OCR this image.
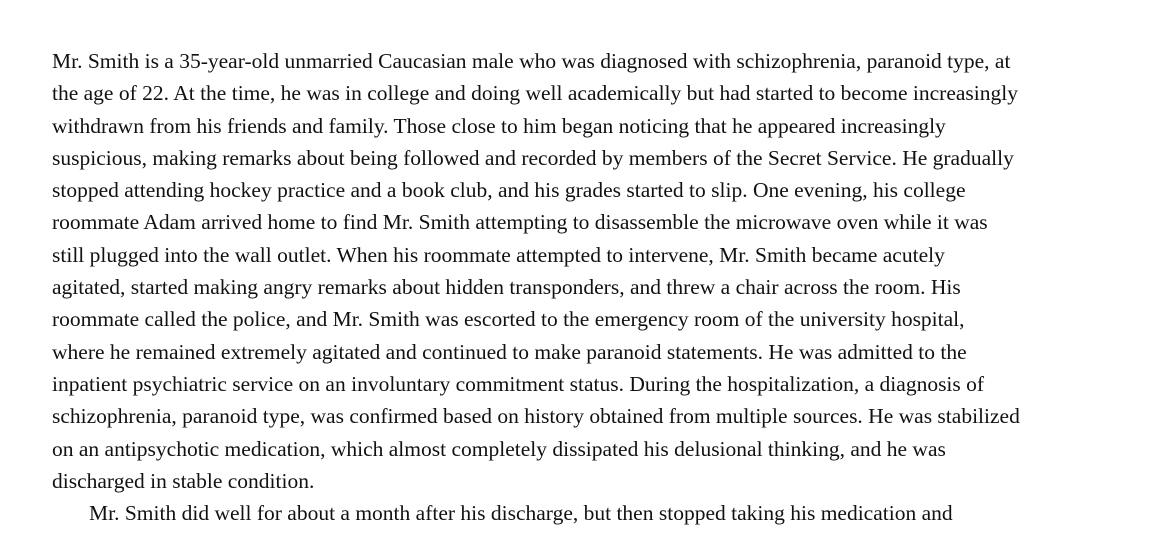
Mr. Smith is a 35-year-old unmarried Caucasian male who was diagnosed with schizophrenia, paranoid type, at
the age of 22. At the time, he was in college and doing well academically but had started to become increasingly
withdrawn from his friends and family. Those close to him began noticing that he appeared increasingly
suspicious, making remarks about being followed and recorded by members of the Secret Service. He gradually
stopped attending hockey practice and a book club, and his grades started to slip. One evening, his college
roommate Adam arrived home to find Mr. Smith attempting to disassemble the microwave oven while it was
still plugged into the wall outlet. When his roommate attempted to intervene, Mr. Smith became acutely
agitated, started making angry remarks about hidden transponders, and threw a chair across the room. His
roommate called the police, and Mr. Smith was escorted to the emergency room of the university hospital,
where he remained extremely agitated and continued to make paranoid statements. He was admitted to the
inpatient psychiatric service on an involuntary commitment status. During the hospitalization, a diagnosis of
schizophrenia, paranoid type, was confirmed based on history obtained from multiple sources. He was stabilized
on an antipsychotic medication, which almost completely dissipated his delusional thinking, and he was
discharged in stable condition.
Mr. Smith did well for about a month after his discharge, but then stopped taking his medication and
